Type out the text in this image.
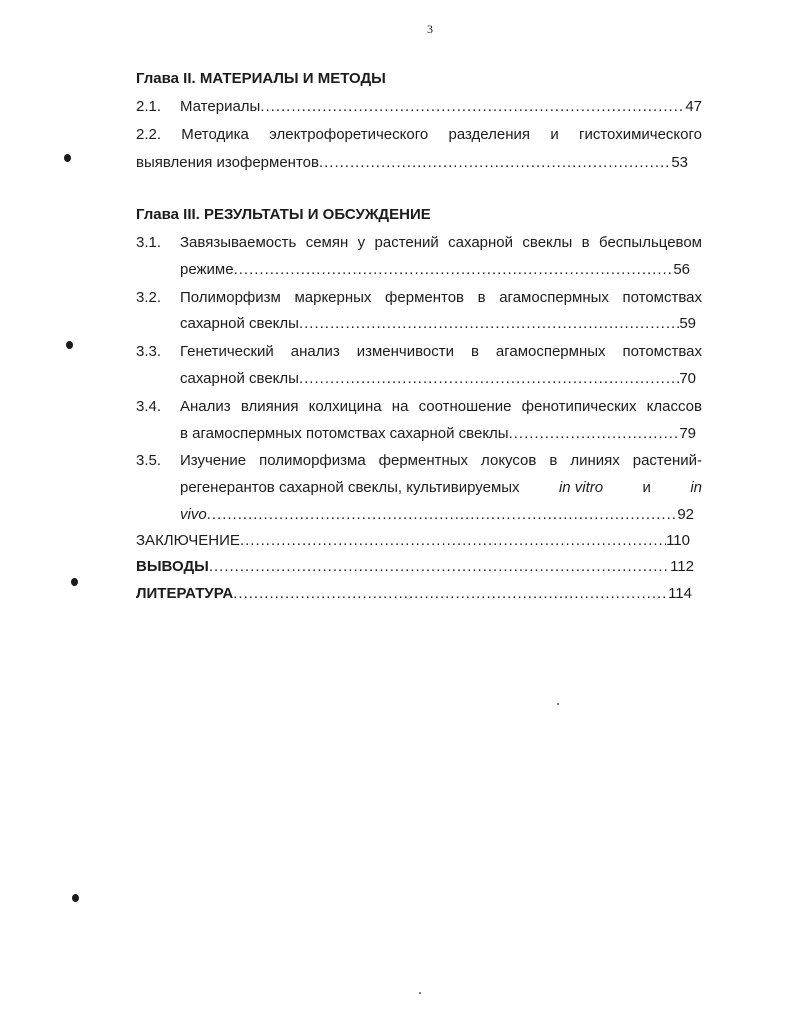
3
Глава II. МАТЕРИАЛЫ И МЕТОДЫ
2.1. Материалы .....	47
2.2. Методика электрофоретического разделения и гистохимического
выявления изоферментов .....	53
Глава III. РЕЗУЛЬТАТЫ И ОБСУЖДЕНИЕ
3.1. Завязываемость семян у растений сахарной свеклы в беспыльцевом
режиме .....	56
3.2. Полиморфизм маркерных ферментов в агамоспермных потомствах
сахарной свеклы .....	59
3.3. Генетический анализ изменчивости в агамоспермных потомствах
сахарной свеклы .....	70
3.4. Анализ влияния колхицина на соотношение фенотипических классов
в агамоспермных потомствах сахарной свеклы .....	79
3.5. Изучение полиморфизма ферментных локусов в линиях растений-
регенерантов сахарной свеклы, культивируемых	in vitro	и	in
vivo .....	92
ЗАКЛЮЧЕНИЕ .....	110
ВЫВОДЫ .....	112
ЛИТЕРАТУРА .....	114
